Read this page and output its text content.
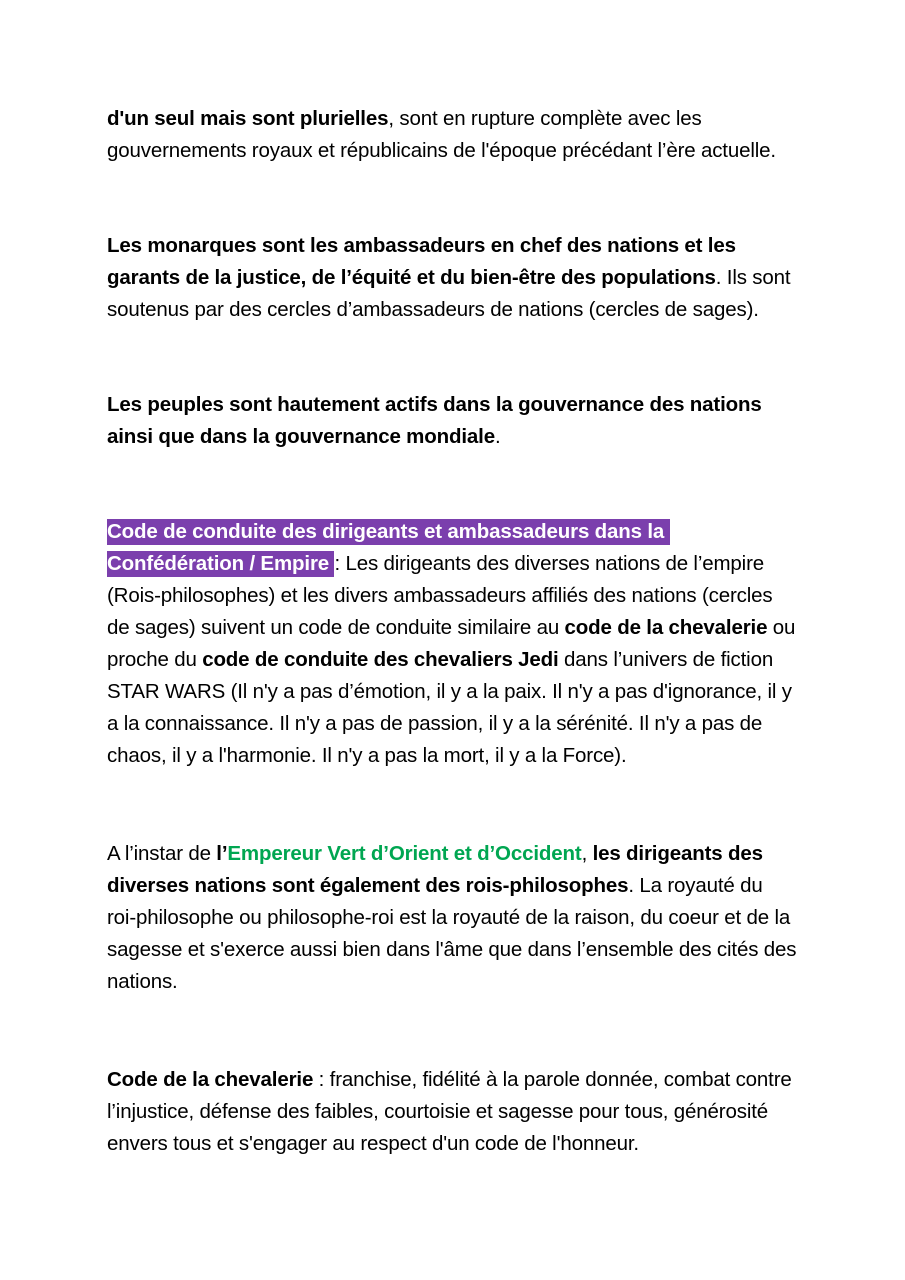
d'un seul mais sont plurielles, sont en rupture complète avec les gouvernements royaux et républicains de l'époque précédant l’ère actuelle.

Les monarques sont les ambassadeurs en chef des nations et les garants de la justice, de l’équité et du bien-être des populations. Ils sont soutenus par des cercles d’ambassadeurs de nations (cercles de sages).

Les peuples sont hautement actifs dans la gouvernance des nations ainsi que dans la gouvernance mondiale.

Code de conduite des dirigeants et ambassadeurs dans la Confédération / Empire : Les dirigeants des diverses nations de l’empire (Rois-philosophes) et les divers ambassadeurs affiliés des nations (cercles de sages) suivent un code de conduite similaire au code de la chevalerie ou proche du code de conduite des chevaliers Jedi dans l’univers de fiction STAR WARS (Il n'y a pas d’émotion, il y a la paix. Il n'y a pas d'ignorance, il y a la connaissance. Il n'y a pas de passion, il y a la sérénité. Il n'y a pas de chaos, il y a l'harmonie. Il n'y a pas la mort, il y a la Force).

A l’instar de l’Empereur Vert d’Orient et d’Occident, les dirigeants des diverses nations sont également des rois-philosophes. La royauté du roi-philosophe ou philosophe-roi est la royauté de la raison, du coeur et de la sagesse et s'exerce aussi bien dans l'âme que dans l’ensemble des cités des nations.

Code de la chevalerie : franchise, fidélité à la parole donnée, combat contre l’injustice, défense des faibles, courtoisie et sagesse pour tous, générosité envers tous et s'engager au respect d'un code de l'honneur.
